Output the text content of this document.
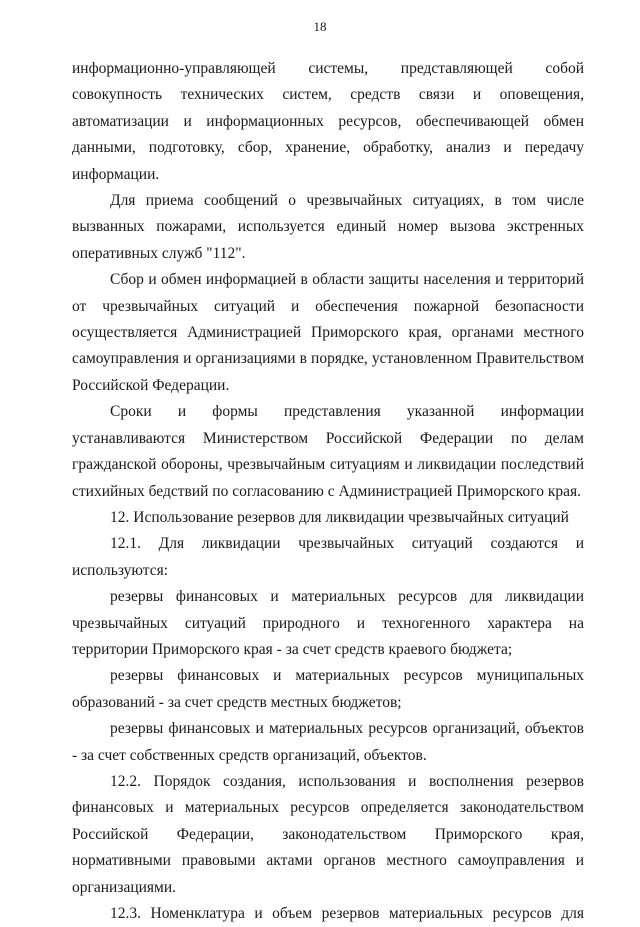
18

информационно-управляющей системы, представляющей собой совокупность технических систем, средств связи и оповещения, автоматизации и информационных ресурсов, обеспечивающей обмен данными, подготовку, сбор, хранение, обработку, анализ и передачу информации.

Для приема сообщений о чрезвычайных ситуациях, в том числе вызванных пожарами, используется единый номер вызова экстренных оперативных служб "112".

Сбор и обмен информацией в области защиты населения и территорий от чрезвычайных ситуаций и обеспечения пожарной безопасности осуществляется Администрацией Приморского края, органами местного самоуправления и организациями в порядке, установленном Правительством Российской Федерации.

Сроки и формы представления указанной информации устанавливаются Министерством Российской Федерации по делам гражданской обороны, чрезвычайным ситуациям и ликвидации последствий стихийных бедствий по согласованию с Администрацией Приморского края.

12. Использование резервов для ликвидации чрезвычайных ситуаций

12.1. Для ликвидации чрезвычайных ситуаций создаются и используются:

резервы финансовых и материальных ресурсов для ликвидации чрезвычайных ситуаций природного и техногенного характера на территории Приморского края - за счет средств краевого бюджета;

резервы финансовых и материальных ресурсов муниципальных образований - за счет средств местных бюджетов;

резервы финансовых и материальных ресурсов организаций, объектов - за счет собственных средств организаций, объектов.

12.2. Порядок создания, использования и восполнения резервов финансовых и материальных ресурсов определяется законодательством Российской Федерации, законодательством Приморского края, нормативными правовыми актами органов местного самоуправления и организациями.

12.3. Номенклатура и объем резервов материальных ресурсов для
